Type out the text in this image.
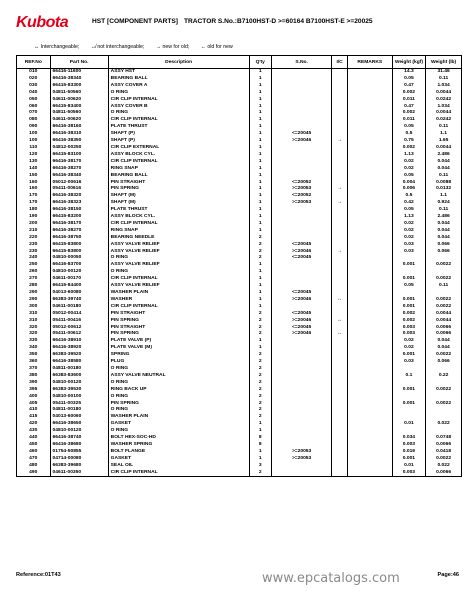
Kubota	HST [COMPONENT PARTS] TRACTOR S.No.:B7100HST-D >=60164 B7100HST-E >=20025
↔ Interchangeable; ↮ not interchangeable; → new for old; ← old for new
REF.No	Part No.	Description	Q'ty	S.No.	I/C	REMARKS	Weight (kgf)	Weight (lb)
010	66416-11600	ASSY HST	1				14.3	31.46
020	66416-38340	BEARING BALL	1				0.05	0.11
030	66415-83300	ASSY COVER A	1				0.47	1.034
040	04811-50560	O RING	1				0.002	0.0044
050	04611-00620	CIR CLIP INTERNAL	1				0.011	0.0242
060	66415-83400	ASSY COVER B	1				0.47	1.034
070	04811-50560	O RING	1				0.002	0.0044
080	04611-00620	CIR CLIP INTERNAL	1				0.011	0.0242
090	66416-38160	PLATE THRUST	1				0.05	0.11
100	66416-38310	SHAFT (P)	1	<=20045			0.5	1.1
100	66416-38350	SHAFT (P)	1	>=20046	→		0.75	1.65
110	04812-00250	CIR CLIP EXTERNAL	1				0.002	0.0044
120	66415-83100	ASSY BLOCK CYL.	1				1.13	2.486
130	66416-38170	CIR CLIP INTERNAL	1				0.02	0.044
140	66416-38270	RING SNAP	1				0.02	0.044
150	66416-38340	BEARING BALL	1				0.05	0.11
160	05012-00616	PIN STRAIGHT	1	<=20052			0.004	0.0088
160	05411-00616	PIN SPRING	1	>=20053	→		0.006	0.0132
170	66416-38320	SHAFT (M)	1	<=20052			0.5	1.1
170	66416-38323	SHAFT (M)	1	>=20053	→		0.42	0.924
180	66416-38150	PLATE THRUST	1				0.05	0.11
190	66415-83200	ASSY BLOCK CYL.	1				1.13	2.486
200	66416-38170	CIR CLIP INTERNAL	1				0.02	0.044
210	66416-38270	RING SNAP	1				0.02	0.044
220	66416-38750	BEARING NEEDLE	2				0.02	0.044
230	66415-83800	ASSY VALVE RELIEF	2	<=20045			0.03	0.066
230	66415-83800	ASSY VALVE RELIEF	2	>=20046	→		0.03	0.066
240	04810-00050	O RING	2	<=20045				
250	66416-83700	ASSY VALVE RELIEF	1				0.001	0.0022
260	04810-00120	O RING	1					
270	04611-00170	CIR CLIP INTERNAL	1				0.001	0.0022
280	66415-84400	ASSY VALVE RELIEF	1				0.05	0.11
290	04013-60080	WASHER PLAIN	1	<=20045				
290	66383-39740	WASHER	1	>=20046	↔		0.001	0.0022
300	04611-00180	CIR CLIP INTERNAL	1				0.001	0.0022
310	05012-00414	PIN STRAIGHT	2	<=20045			0.002	0.0044
310	05411-00416	PIN SPRING	2	>=20046	↔		0.002	0.0044
320	05012-00612	PIN STRAIGHT	2	<=20045			0.003	0.0066
320	05411-00612	PIN SPRING	2	>=20046	↔		0.003	0.0066
330	66416-38910	PLATE VALVE (P)	1				0.02	0.044
340	66416-38920	PLATE VALVE (M)	1				0.02	0.044
350	66383-39520	SPRING	2				0.001	0.0022
360	66416-38580	PLUG	2				0.03	0.066
370	04811-00180	O RING	2					
380	66383-83600	ASSY VALVE NEUTRAL	2				0.1	0.22
390	04810-00120	O RING	2					
395	66383-39530	RING BACK UP	2				0.001	0.0022
400	04810-00100	O RING	2					
405	05411-00325	PIN SPRING	2				0.001	0.0022
410	04811-00180	O RING	2					
415	04013-60060	WASHER PLAIN	2					
420	66416-38650	GASKET	1				0.01	0.022
430	04810-00120	O RING	1					
440	66416-38740	BOLT HEX-SOC-HD	8				0.034	0.0748
450	66416-38680	WASHER SPRING	8				0.003	0.0066
460	01754-50855	BOLT FLANGE	1	>=20053			0.019	0.0418
470	04714-00080	GASKET	1	>=20053			0.001	0.0022
480	66383-39680	SEAL OIL	3				0.01	0.022
490	04611-00350	CIR CLIP INTERNAL	2				0.003	0.0066
Reference:01T43	www.epcatalogs.com	Page:46
